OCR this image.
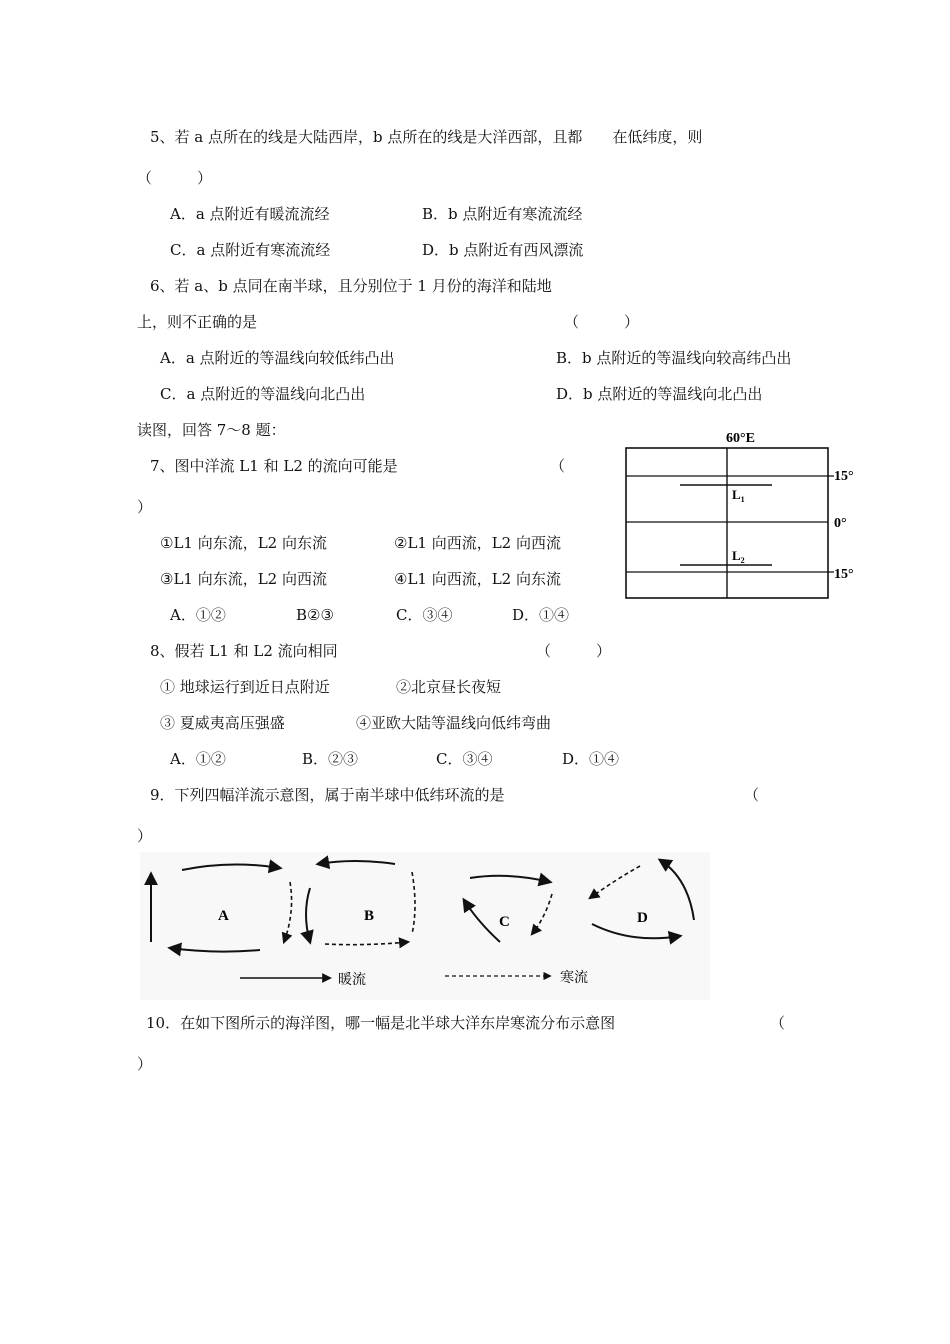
5、若 a 点所在的线是大陆西岸，b 点所在的线是大洋西部，且都　　在低纬度，则
（　　　）
A．a 点附近有暖流流经	B．b 点附近有寒流流经
C．a 点附近有寒流流经	D．b 点附近有西风漂流
6、若 a、b 点同在南半球，且分别位于 1 月份的海洋和陆地
上，则不正确的是	（　　　）
A．a 点附近的等温线向较低纬凸出	B．b 点附近的等温线向较高纬凸出
C．a 点附近的等温线向北凸出	D．b 点附近的等温线向北凸出
读图，回答 7～8 题：
7、图中洋流 L1 和 L2 的流向可能是	（
）
①L1 向东流，L2 向东流	②L1 向西流，L2 向西流
③L1 向东流，L2 向西流	④L1 向西流，L2 向东流
A．①②	B②③	C．③④	D．①④
8、假若 L1 和 L2 流向相同	（　　　）
① 地球运行到近日点附近	②北京昼长夜短
③ 夏威夷高压强盛	④亚欧大陆等温线向低纬弯曲
A．①②	B．②③	C．③④	D．①④
9．下列四幅洋流示意图，属于南半球中低纬环流的是	（
）
10．在如下图所示的海洋图，哪一幅是北半球大洋东岸寒流分布示意图	（
）
60°E
$L_1$
$L_2$
15°
0°
15°
A	B	C	D
暖流	寒流
